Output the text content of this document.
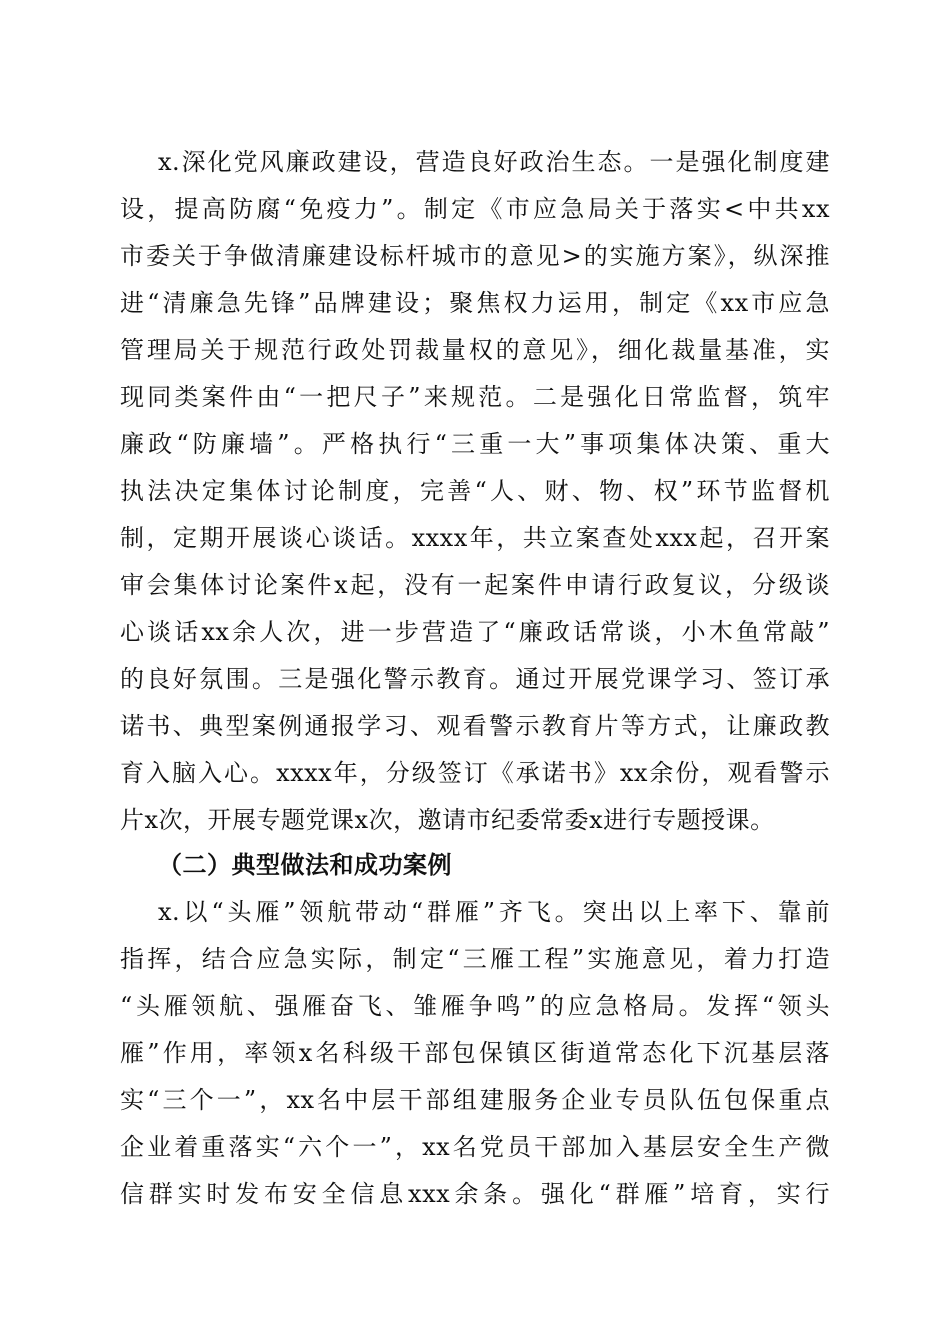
x.深化党风廉政建设，营造良好政治生态。一是强化制度建
设，提高防腐“免疫力”。制定《市应急局关于落实<中共xx
市委关于争做清廉建设标杆城市的意见>的实施方案》，纵深推
进“清廉急先锋”品牌建设；聚焦权力运用，制定《xx市应急
管理局关于规范行政处罚裁量权的意见》，细化裁量基准，实
现同类案件由“一把尺子”来规范。二是强化日常监督，筑牢
廉政“防廉墙”。严格执行“三重一大”事项集体决策、重大
执法决定集体讨论制度，完善“人、财、物、权”环节监督机
制，定期开展谈心谈话。xxxx年，共立案查处xxx起，召开案
审会集体讨论案件x起，没有一起案件申请行政复议，分级谈
心谈话xx余人次，进一步营造了“廉政话常谈，小木鱼常敲”
的良好氛围。三是强化警示教育。通过开展党课学习、签订承
诺书、典型案例通报学习、观看警示教育片等方式，让廉政教
育入脑入心。xxxx年，分级签订《承诺书》xx余份，观看警示
片x次，开展专题党课x次，邀请市纪委常委x进行专题授课。
（二）典型做法和成功案例
x.以“头雁”领航带动“群雁”齐飞。突出以上率下、靠前
指挥，结合应急实际，制定“三雁工程”实施意见，着力打造
“头雁领航、强雁奋飞、雏雁争鸣”的应急格局。发挥“领头
雁”作用，率领x名科级干部包保镇区街道常态化下沉基层落
实“三个一”，xx名中层干部组建服务企业专员队伍包保重点
企业着重落实“六个一”，xx名党员干部加入基层安全生产微
信群实时发布安全信息xxx余条。强化“群雁”培育，实行
